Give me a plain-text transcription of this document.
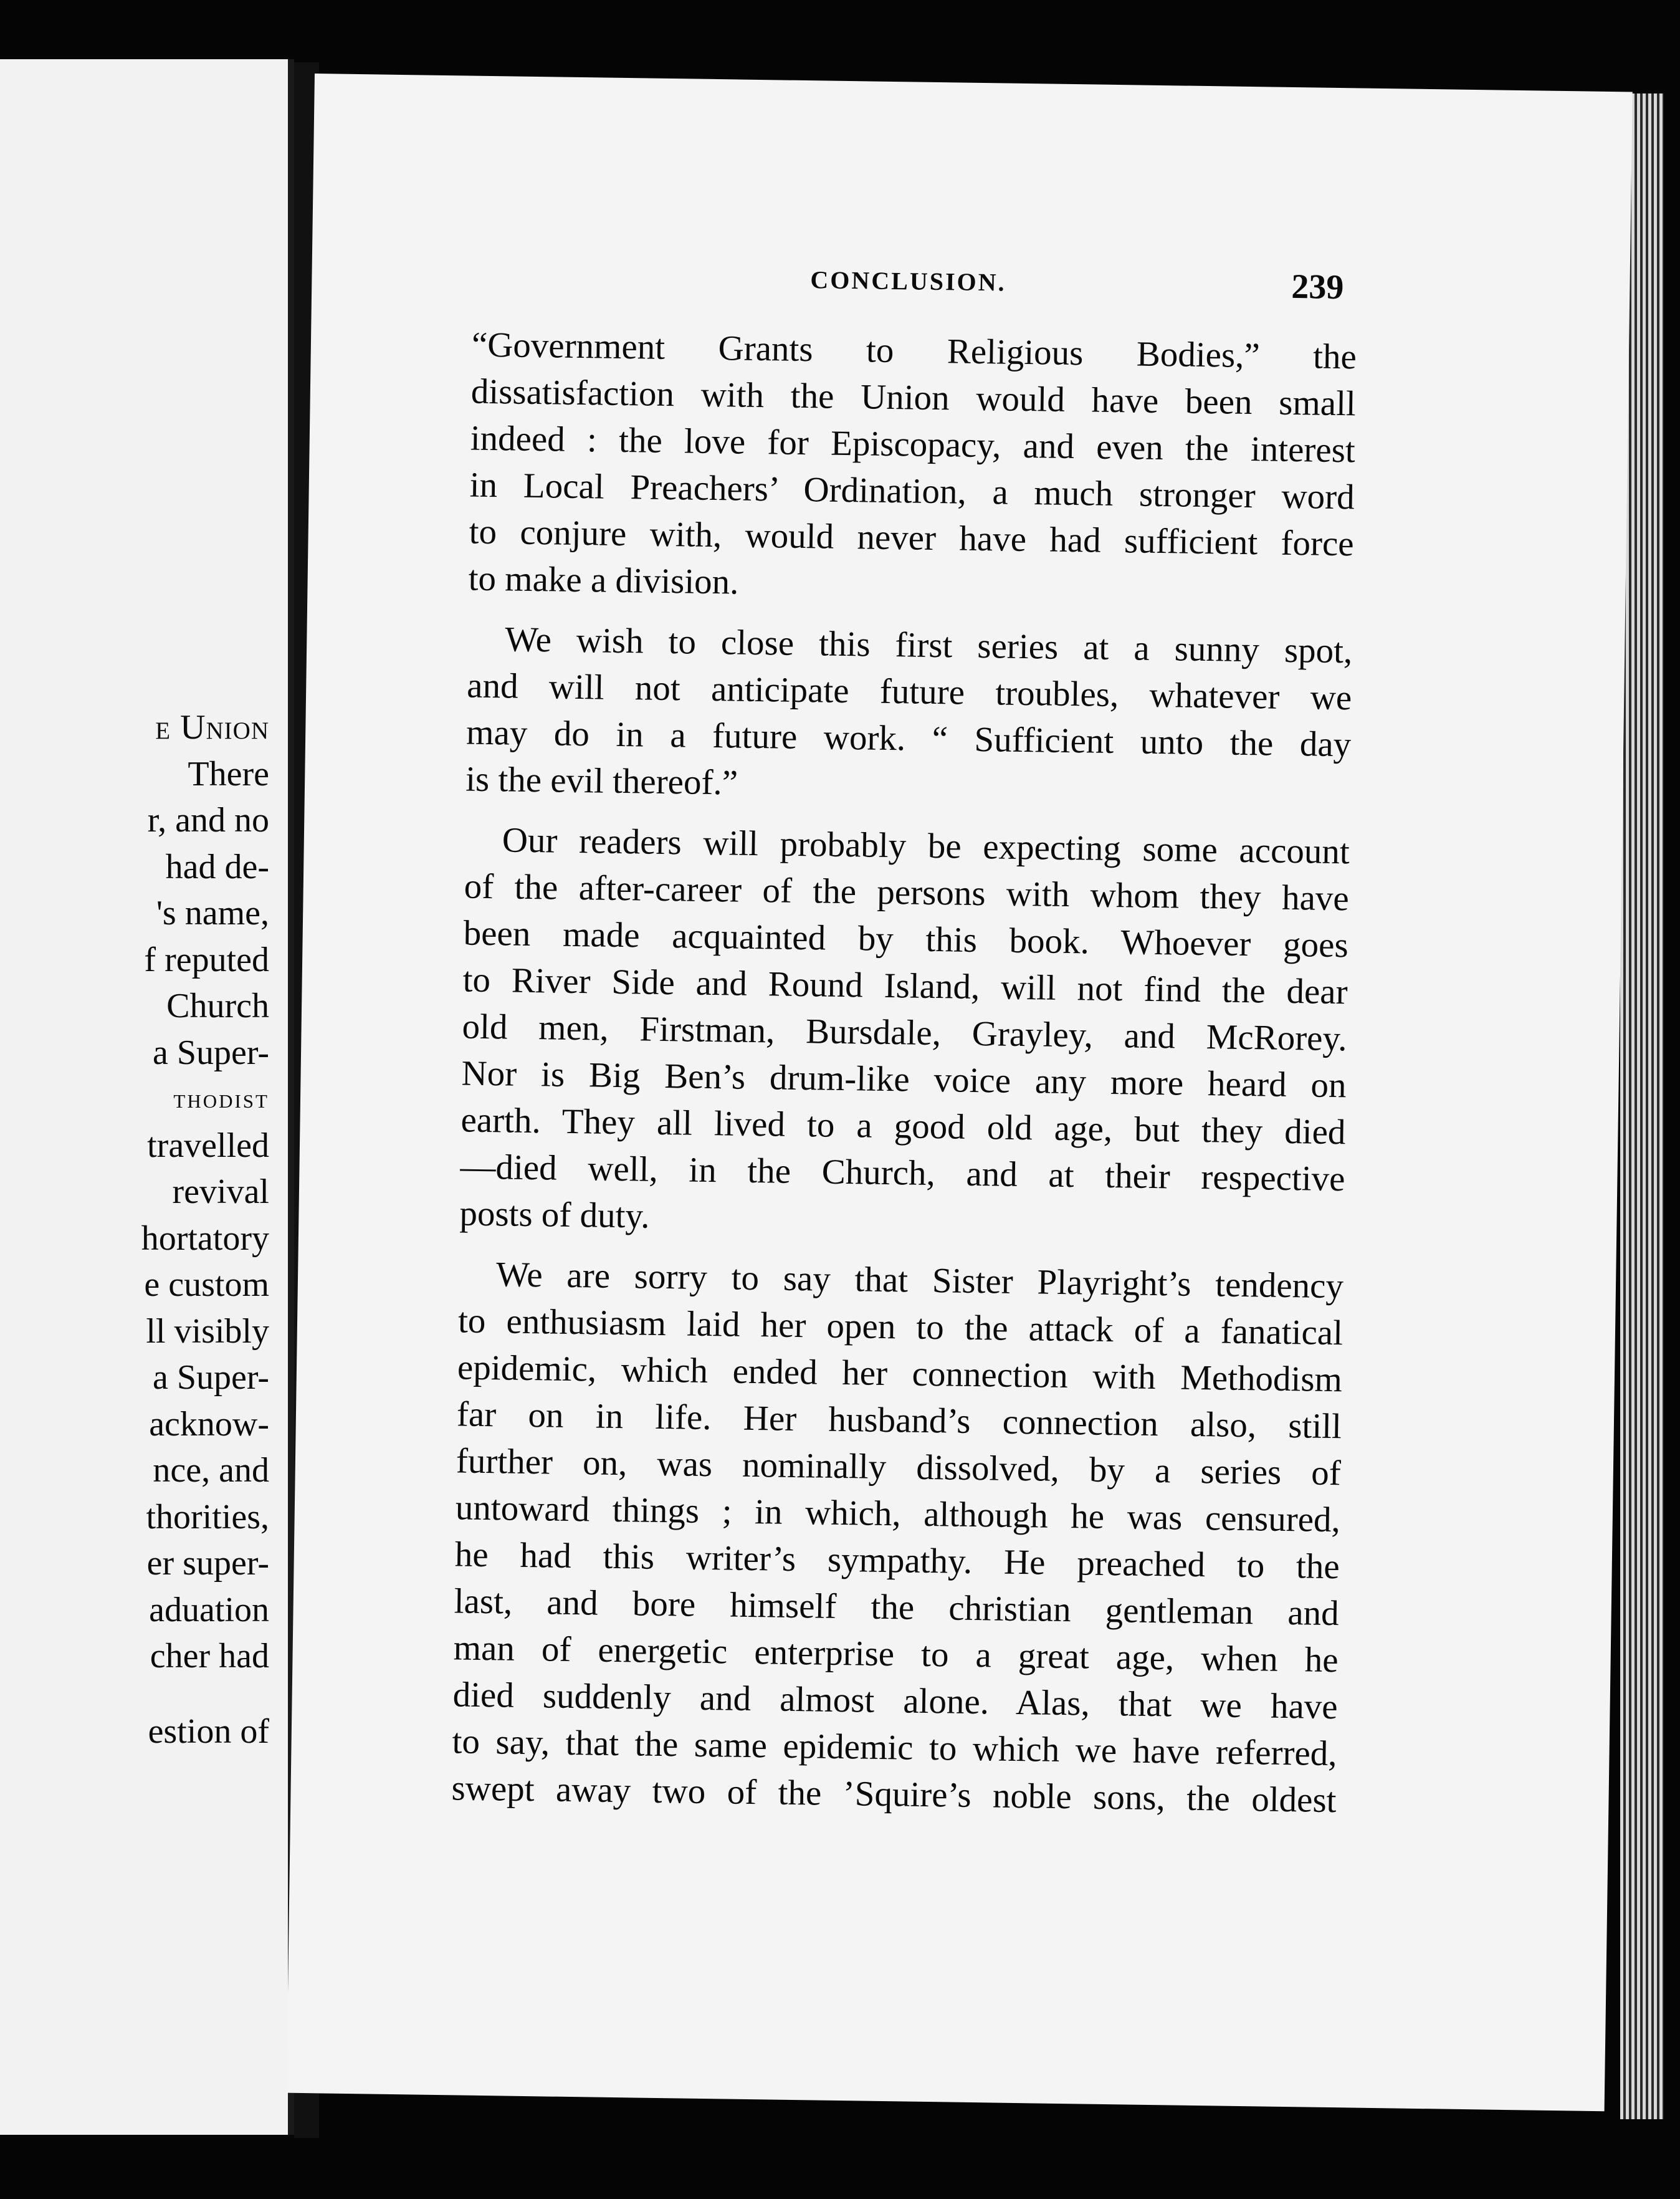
e Union
There
r, and no
had de-
's name,
f reputed
Church
a Super-
thodist
travelled
revival
hortatory
e custom
ll visibly
a Super-
acknow-
nce, and
thorities,
er super-
aduation
cher had
estion of
CONCLUSION.	239
“Government Grants to Religious Bodies,” the
dissatisfaction with the Union would have been small
indeed : the love for Episcopacy, and even the interest
in Local Preachers’ Ordination, a much stronger word
to conjure with, would never have had sufficient force
to make a division.
We wish to close this first series at a sunny spot,
and will not anticipate future troubles, whatever we
may do in a future work. “ Sufficient unto the day
is the evil thereof.”
Our readers will probably be expecting some account
of the after-career of the persons with whom they have
been made acquainted by this book. Whoever goes
to River Side and Round Island, will not find the dear
old men, Firstman, Bursdale, Grayley, and McRorey.
Nor is Big Ben’s drum-like voice any more heard on
earth. They all lived to a good old age, but they died
—died well, in the Church, and at their respective
posts of duty.
We are sorry to say that Sister Playright’s tendency
to enthusiasm laid her open to the attack of a fanatical
epidemic, which ended her connection with Methodism
far on in life. Her husband’s connection also, still
further on, was nominally dissolved, by a series of
untoward things ; in which, although he was censured,
he had this writer’s sympathy. He preached to the
last, and bore himself the christian gentleman and
man of energetic enterprise to a great age, when he
died suddenly and almost alone. Alas, that we have
to say, that the same epidemic to which we have referred,
swept away two of the ’Squire’s noble sons, the oldest
